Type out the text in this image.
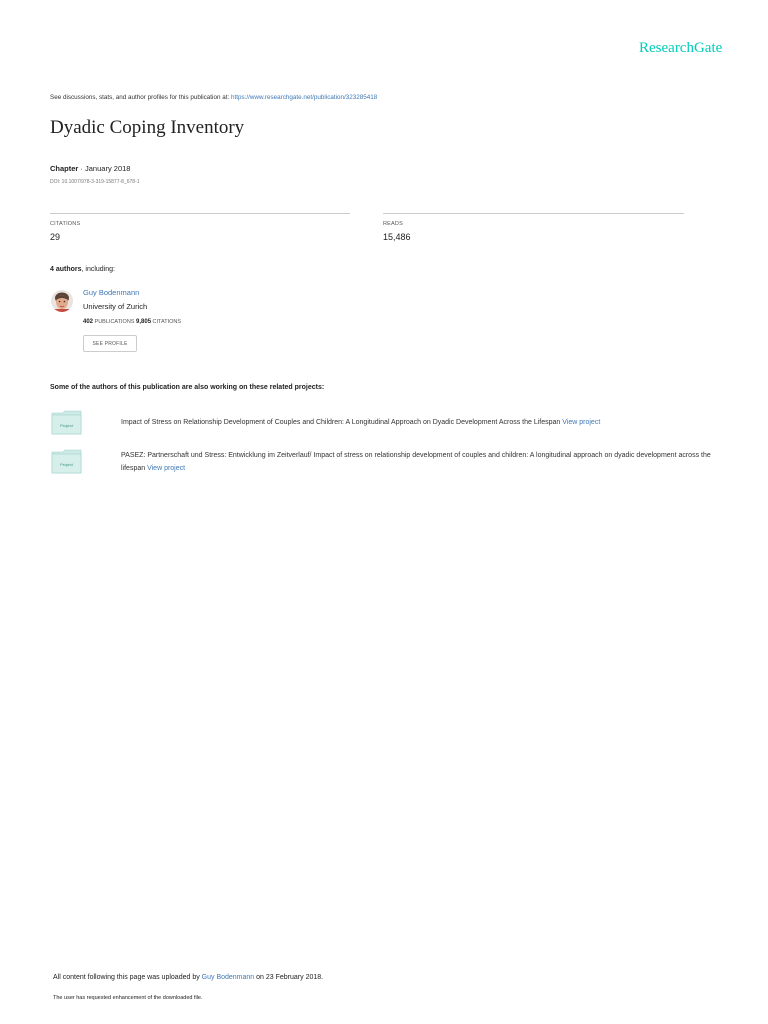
ResearchGate
See discussions, stats, and author profiles for this publication at: https://www.researchgate.net/publication/323285418
Dyadic Coping Inventory
Chapter · January 2018
DOI: 10.1007/978-3-319-15877-8_678-1
CITATIONS
29
READS
15,486
4 authors, including:
Guy Bodenmann
University of Zurich
402 PUBLICATIONS 9,805 CITATIONS
SEE PROFILE
Some of the authors of this publication are also working on these related projects:
Project	Impact of Stress on Relationship Development of Couples and Children: A Longitudinal Approach on Dyadic Development Across the Lifespan View project
Project
PASEZ: Partnerschaft und Stress: Entwicklung im Zeitverlauf/ Impact of stress on relationship development of couples and children: A longitudinal approach on dyadic development across the lifespan View project
All content following this page was uploaded by Guy Bodenmann on 23 February 2018.
The user has requested enhancement of the downloaded file.
